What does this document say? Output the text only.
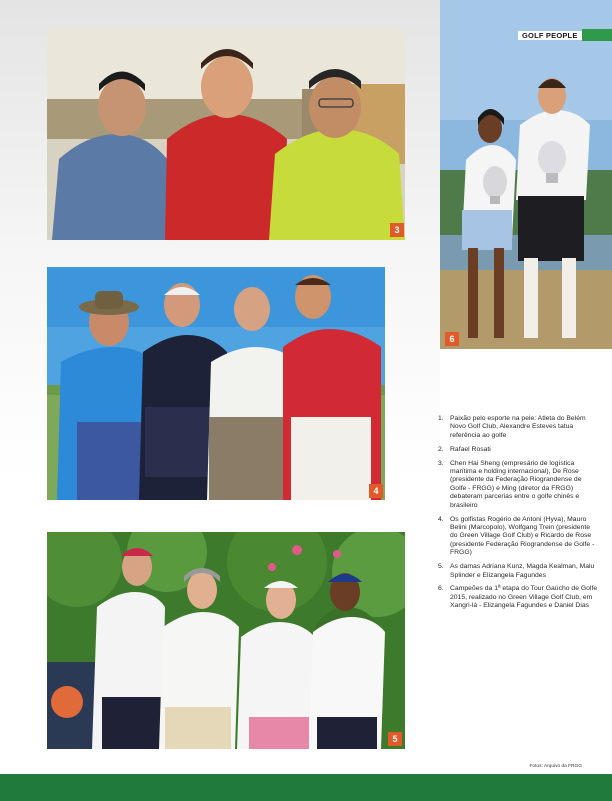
3
4
5
6
GOLF PEOPLE
1. Paixão pelo esporte na pele: Atleta do Belém Novo Golf Club, Alexandre Esteves tatua referência ao golfe
2. Rafael Rosati
3. Chen Hai Sheng (empresário de logística marítima e holding internacional), De Rose (presidente da Federação Riograndense de Golfe - FRGG) e Ming (diretor da FRGG) debateram parcerias entre o golfe chinês e brasileiro
4. Os golfistas Rogério de Antoni (Hyva), Mauro Belini (Marcopolo), Wolfgang Trein (presidente do Green Village Golf Club) e Ricardo de Rose (presidente Federação Riograndense de Golfe - FRGG)
5. As damas Adriana Kunz, Magda Kealman, Malu Splinder e Elizangela Fagundes
6. Campeões da 1ª etapa do Tour Gaúcho de Golfe 2015, realizado no Green Village Golf Club, em Xangri-lá - Elizangela Fagundes e Daniel Dias
Fotos: Arquivo da FRGG
